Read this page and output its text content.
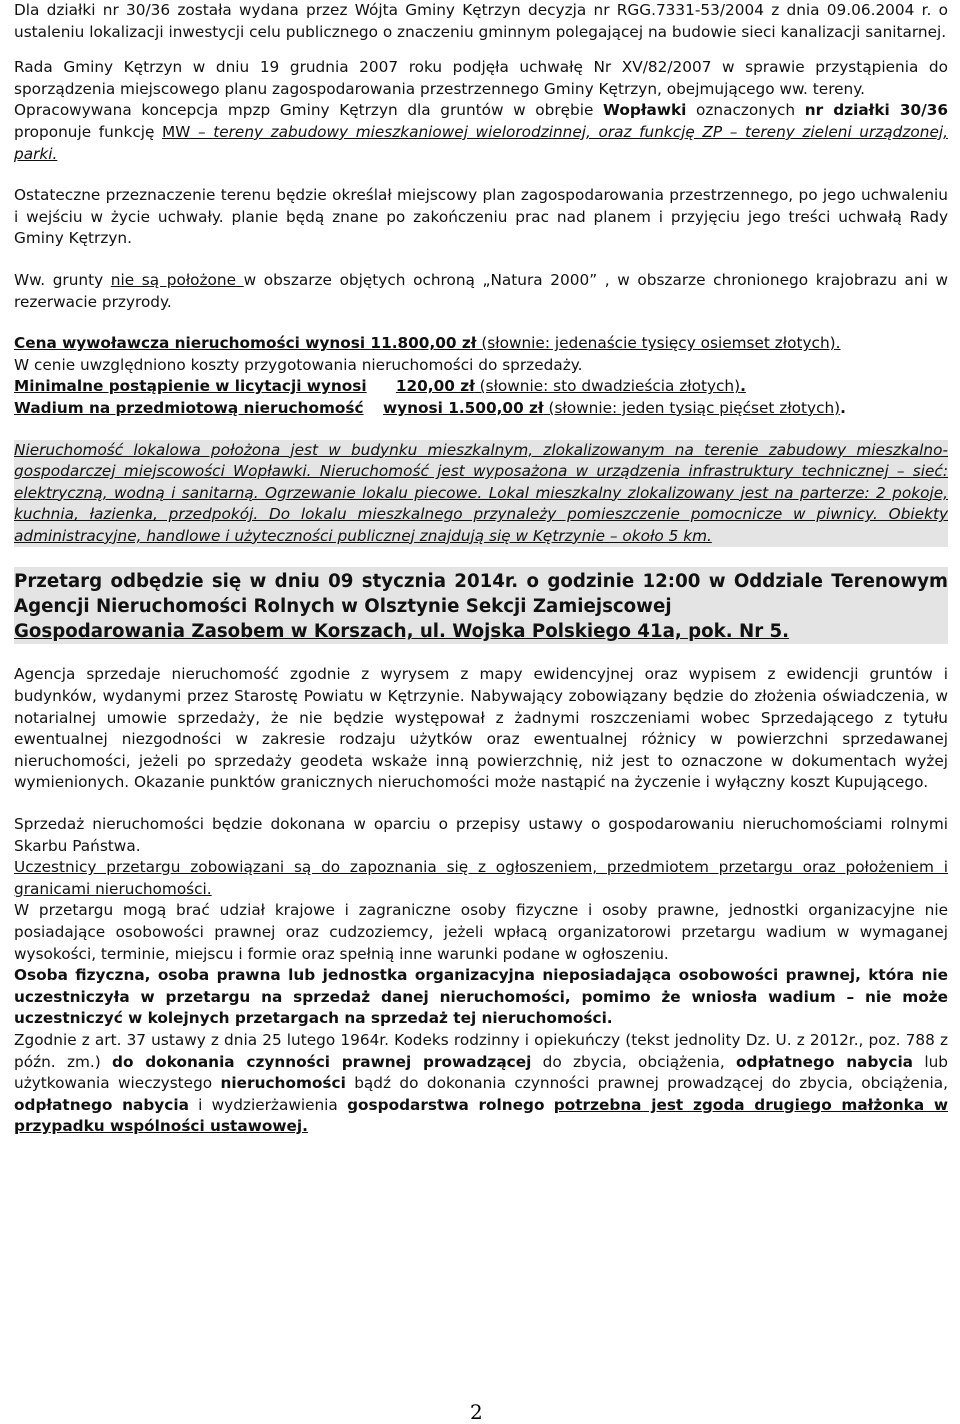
Dla działki nr 30/36 została wydana przez Wójta Gminy Kętrzyn decyzja nr RGG.7331-53/2004 z dnia 09.06.2004 r. o ustaleniu lokalizacji inwestycji celu publicznego o znaczeniu gminnym polegającej na budowie sieci kanalizacji sanitarnej.

Rada Gminy Kętrzyn w dniu 19 grudnia 2007 roku podjęła uchwałę Nr XV/82/2007 w sprawie przystąpienia do sporządzenia miejscowego planu zagospodarowania przestrzennego Gminy Kętrzyn, obejmującego ww. tereny.

Opracowywana koncepcja mpzp Gminy Kętrzyn dla gruntów w obrębie Wopławki oznaczonych nr działki 30/36 proponuje funkcję MW – tereny zabudowy mieszkaniowej wielorodzinnej, oraz funkcję ZP – tereny zieleni urządzonej, parki.

Ostateczne przeznaczenie terenu będzie określał miejscowy plan zagospodarowania przestrzennego, po jego uchwaleniu i wejściu w życie uchwały. planie będą znane po zakończeniu prac nad planem i przyjęciu jego treści uchwałą Rady Gminy Kętrzyn.

Ww. grunty nie są położone w obszarze objętych ochroną „Natura 2000” , w obszarze chronionego krajobrazu ani w rezerwacie przyrody.

Cena wywoławcza nieruchomości wynosi 11.800,00 zł (słownie: jedenaście tysięcy osiemset złotych).

W cenie uwzględniono koszty przygotowania nieruchomości do sprzedaży.

Minimalne postąpienie w licytacji wynosi 120,00 zł (słownie: sto dwadzieścia złotych).

Wadium na przedmiotową nieruchomość wynosi 1.500,00 zł (słownie: jeden tysiąc pięćset złotych).

Nieruchomość lokalowa położona jest w budynku mieszkalnym, zlokalizowanym na terenie zabudowy mieszkalno-gospodarczej miejscowości Wopławki. Nieruchomość jest wyposażona w urządzenia infrastruktury technicznej – sieć: elektryczną, wodną i sanitarną. Ogrzewanie lokalu piecowe. Lokal mieszkalny zlokalizowany jest na parterze: 2 pokoje, kuchnia, łazienka, przedpokój. Do lokalu mieszkalnego przynależy pomieszczenie pomocnicze w piwnicy. Obiekty administracyjne, handlowe i użyteczności publicznej znajdują się w Kętrzynie – około 5 km.

Przetarg odbędzie się w dniu 09 stycznia 2014r. o godzinie 12:00 w Oddziale Terenowym Agencji Nieruchomości Rolnych w Olsztynie Sekcji Zamiejscowej

Gospodarowania Zasobem w Korszach, ul. Wojska Polskiego 41a, pok. Nr 5.

Agencja sprzedaje nieruchomość zgodnie z wyrysem z mapy ewidencyjnej oraz wypisem z ewidencji gruntów i budynków, wydanymi przez Starostę Powiatu w Kętrzynie. Nabywający zobowiązany będzie do złożenia oświadczenia, w notarialnej umowie sprzedaży, że nie będzie występował z żadnymi roszczeniami wobec Sprzedającego z tytułu ewentualnej niezgodności w zakresie rodzaju użytków oraz ewentualnej różnicy w powierzchni sprzedawanej nieruchomości, jeżeli po sprzedaży geodeta wskaże inną powierzchnię, niż jest to oznaczone w dokumentach wyżej wymienionych. Okazanie punktów granicznych nieruchomości może nastąpić na życzenie i wyłączny koszt Kupującego.

Sprzedaż nieruchomości będzie dokonana w oparciu o przepisy ustawy o gospodarowaniu nieruchomościami rolnymi Skarbu Państwa.

Uczestnicy przetargu zobowiązani są do zapoznania się z ogłoszeniem, przedmiotem przetargu oraz położeniem i granicami nieruchomości.

W przetargu mogą brać udział krajowe i zagraniczne osoby fizyczne i osoby prawne, jednostki organizacyjne nie posiadające osobowości prawnej oraz cudzoziemcy, jeżeli wpłacą organizatorowi przetargu wadium w wymaganej wysokości, terminie, miejscu i formie oraz spełnią inne warunki podane w ogłoszeniu.

Osoba fizyczna, osoba prawna lub jednostka organizacyjna nieposiadająca osobowości prawnej, która nie uczestniczyła w przetargu na sprzedaż danej nieruchomości, pomimo że wniosła wadium – nie może uczestniczyć w kolejnych przetargach na sprzedaż tej nieruchomości.

Zgodnie z art. 37 ustawy z dnia 25 lutego 1964r. Kodeks rodzinny i opiekuńczy (tekst jednolity Dz. U. z 2012r., poz. 788 z późn. zm.) do dokonania czynności prawnej prowadzącej do zbycia, obciążenia, odpłatnego nabycia lub użytkowania wieczystego nieruchomości bądź do dokonania czynności prawnej prowadzącej do zbycia, obciążenia, odpłatnego nabycia i wydzierżawienia gospodarstwa rolnego potrzebna jest zgoda drugiego małżonka w przypadku wspólności ustawowej.

2
